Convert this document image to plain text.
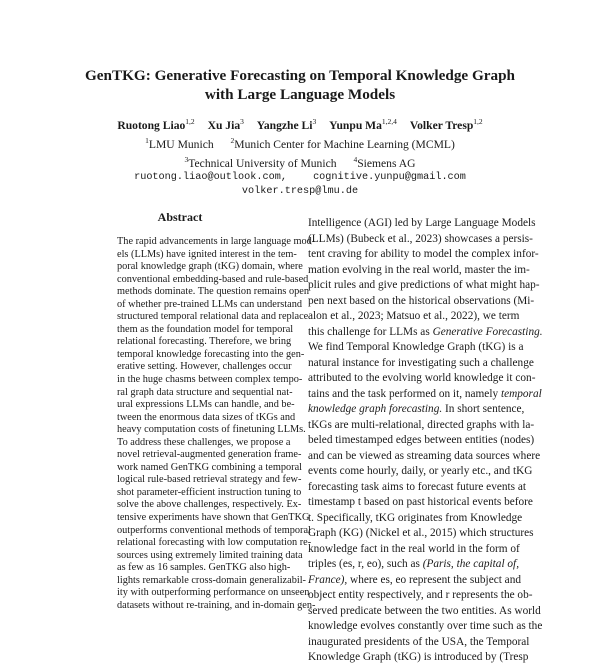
GenTKG: Generative Forecasting on Temporal Knowledge Graph
with Large Language Models
Ruotong Liao$^{1,2}$ Xu Jia$^3$ Yangzhe Li$^3$ Yunpu Ma$^{1,2,4}$ Volker Tresp$^{1,2}$
$^1$LMU Munich $^2$Munich Center for Machine Learning (MCML)
$^3$Technical University of Munich $^4$Siemens AG
ruotong.liao@outlook.com,	cognitive.yunpu@gmail.com
volker.tresp@lmu.de
Abstract
The rapid advancements in large language mod-
els (LLMs) have ignited interest in the tem-
poral knowledge graph (tKG) domain, where
conventional embedding-based and rule-based
methods dominate. The question remains open
of whether pre-trained LLMs can understand
structured temporal relational data and replace
them as the foundation model for temporal
relational forecasting. Therefore, we bring
temporal knowledge forecasting into the gen-
erative setting. However, challenges occur
in the huge chasms between complex tempo-
ral graph data structure and sequential nat-
ural expressions LLMs can handle, and be-
tween the enormous data sizes of tKGs and
heavy computation costs of finetuning LLMs.
To address these challenges, we propose a
novel retrieval-augmented generation frame-
work named GenTKG combining a temporal
logical rule-based retrieval strategy and few-
shot parameter-efficient instruction tuning to
solve the above challenges, respectively. Ex-
tensive experiments have shown that GenTKG
outperforms conventional methods of temporal
relational forecasting with low computation re-
sources using extremely limited training data
as few as 16 samples. GenTKG also high-
lights remarkable cross-domain generalizabil-
ity with outperforming performance on unseen
datasets without re-training, and in-domain gen-
Intelligence (AGI) led by Large Language Models
(LLMs) (Bubeck et al., 2023) showcases a persis-
tent craving for ability to model the complex infor-
mation evolving in the real world, master the im-
plicit rules and give predictions of what might hap-
pen next based on the historical observations (Mi-
alon et al., 2023; Matsuo et al., 2022), we term
this challenge for LLMs as Generative Forecasting.
We find Temporal Knowledge Graph (tKG) is a
natural instance for investigating such a challenge
attributed to the evolving world knowledge it con-
tains and the task performed on it, namely temporal
knowledge graph forecasting. In short sentence,
tKGs are multi-relational, directed graphs with la-
beled timestamped edges between entities (nodes)
and can be viewed as streaming data sources where
events come hourly, daily, or yearly etc., and tKG
forecasting task aims to forecast future events at
timestamp t based on past historical events before
t. Specifically, tKG originates from Knowledge
Graph (KG) (Nickel et al., 2015) which structures
knowledge fact in the real world in the form of
triples (es, r, eo), such as (Paris, the capital of,
France), where es, eo represent the subject and
object entity respectively, and r represents the ob-
served predicate between the two entities. As world
knowledge evolves constantly over time such as the
inaugurated presidents of the USA, the Temporal
Knowledge Graph (tKG) is introduced by (Tresp
